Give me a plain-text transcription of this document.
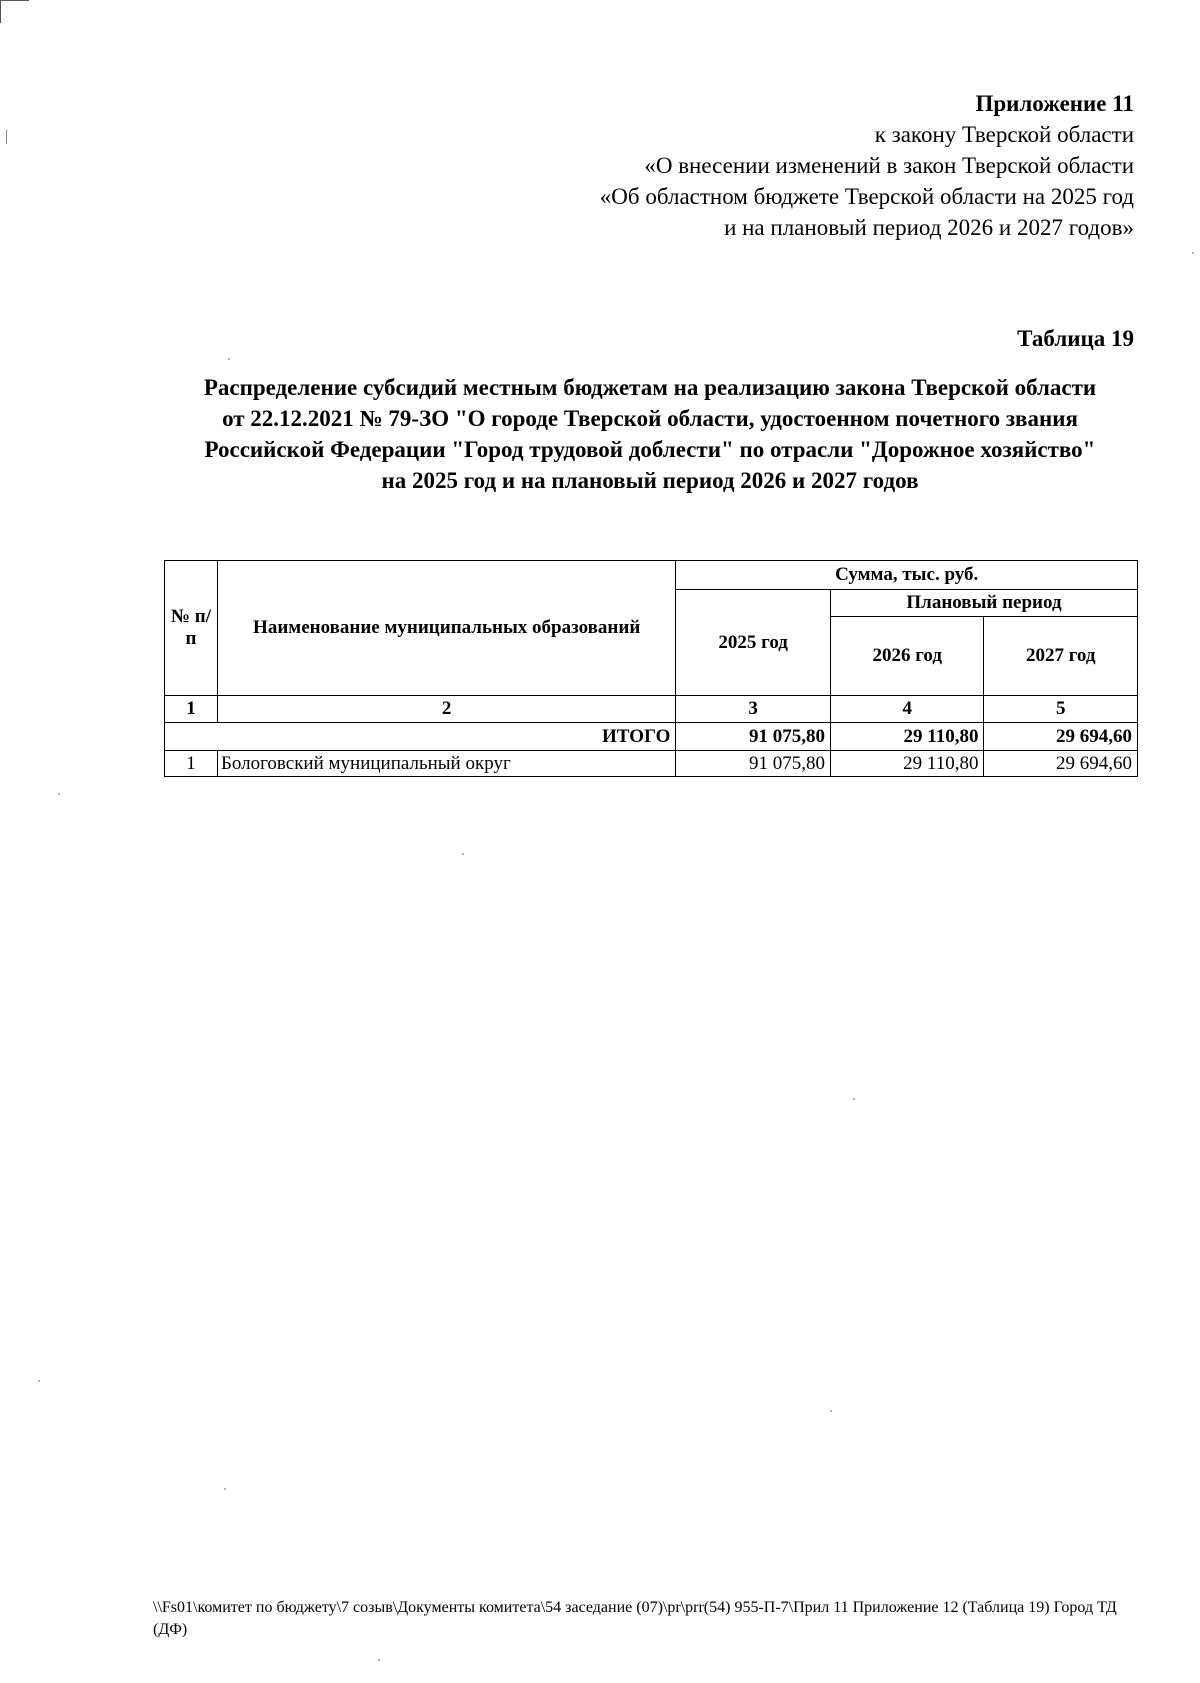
Приложение 11
к закону Тверской области
«О внесении изменений в закон Тверской области
«Об областном бюджете Тверской области на 2025 год
и на плановый период 2026 и 2027 годов»
Таблица 19
Распределение субсидий местным бюджетам на реализацию закона Тверской области
от 22.12.2021 № 79-ЗО "О городе Тверской области, удостоенном почетного звания
Российской Федерации "Город трудовой доблести" по отрасли "Дорожное хозяйство"
на 2025 год и на плановый период 2026 и 2027 годов
№ п/п	Наименование муниципальных образований	Сумма, тыс. руб.		
		2025 год	Плановый период	
			2026 год	2027 год
1	2	3	4	5
ИТОГО		91 075,80	29 110,80	29 694,60
1	Бологовский муниципальный округ	91 075,80	29 110,80	29 694,60
\\Fs01\комитет по бюджету\7 созыв\Документы комитета\54 заседание (07)\pr\prr(54) 955-П-7\Прил 11 Приложение 12 (Таблица 19) Город ТД (ДФ)
